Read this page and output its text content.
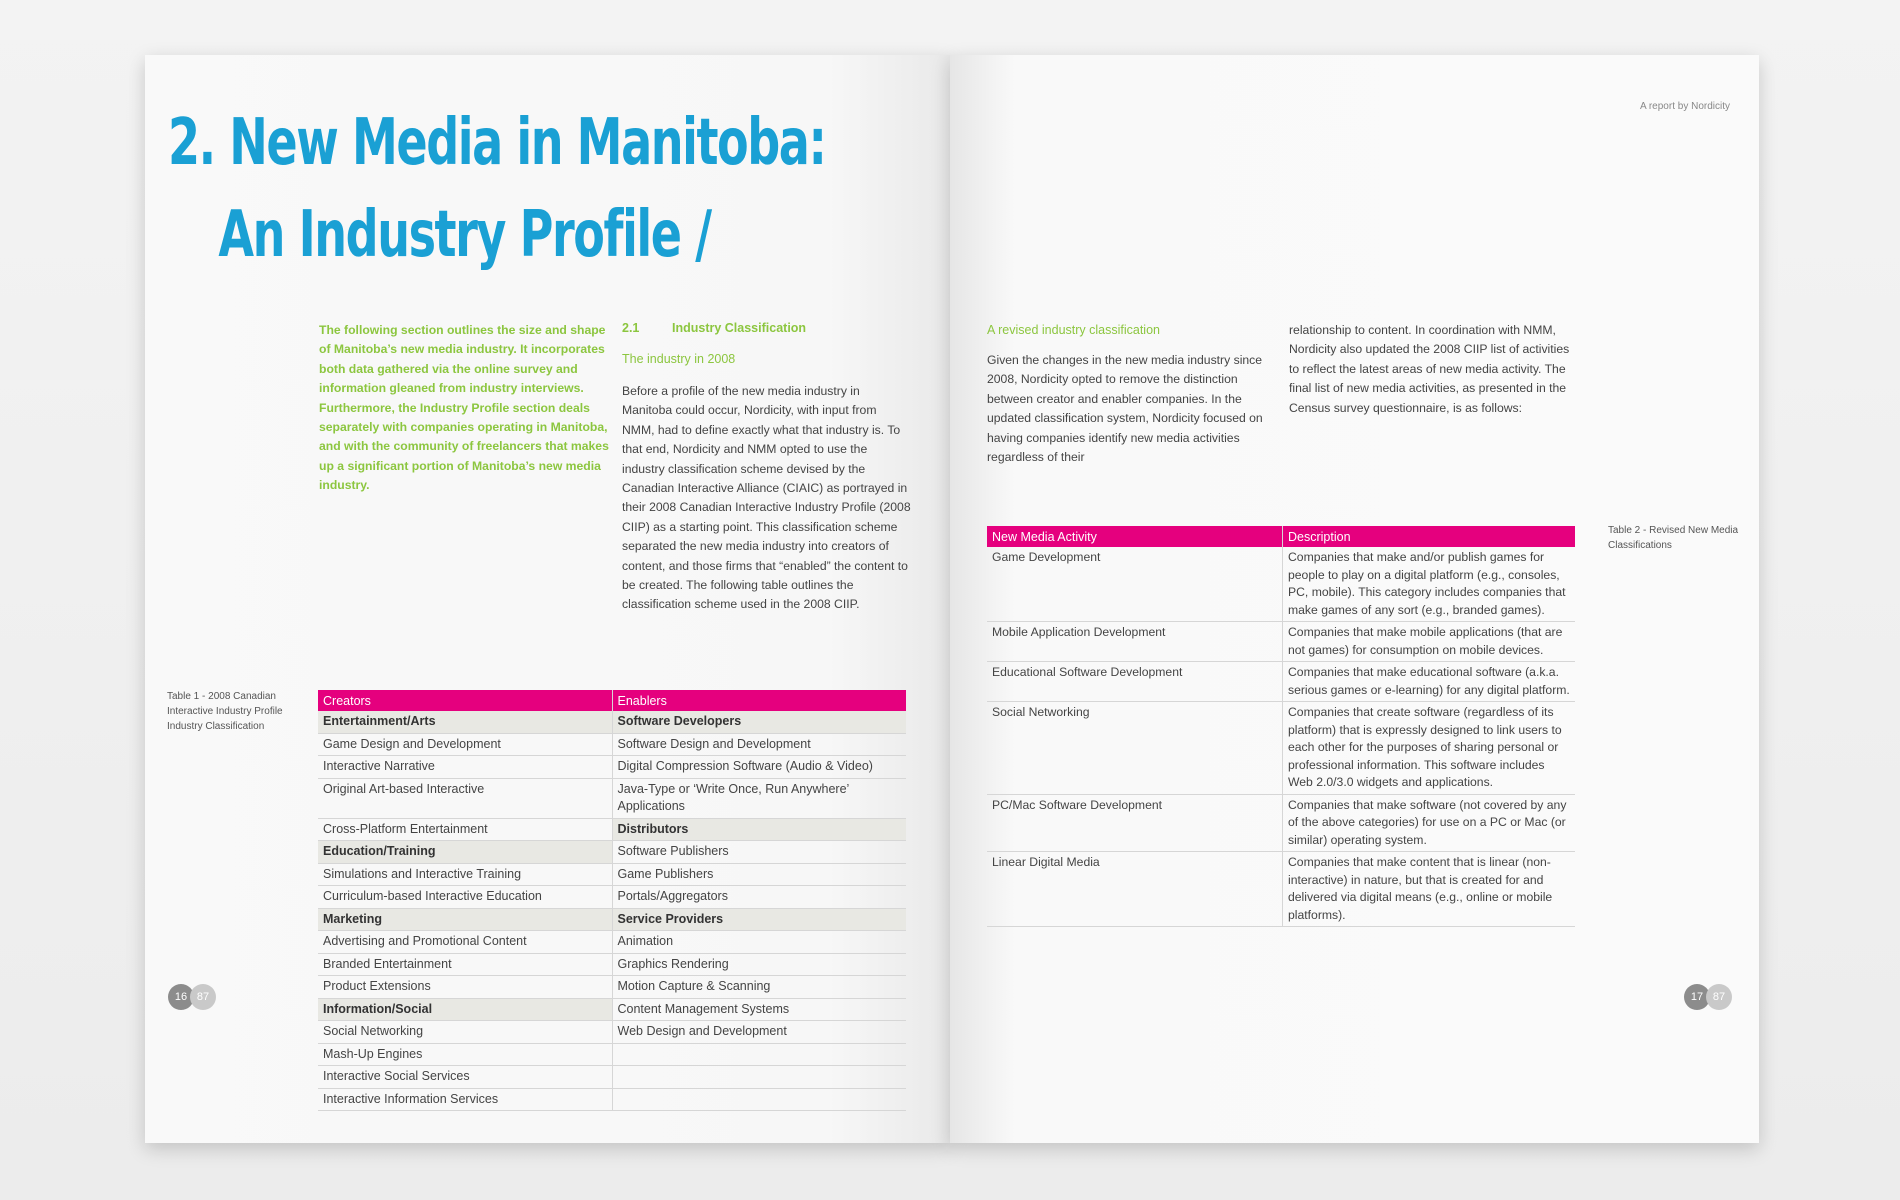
2. New Media in Manitoba:
An Industry Profile /
The following section outlines the size and shape of Manitoba’s new media industry. It incorporates both data gathered via the online survey and information gleaned from industry interviews. Furthermore, the Industry Profile section deals separately with companies operating in Manitoba, and with the community of freelancers that makes up a significant portion of Manitoba’s new media industry.
2.1	Industry Classification
The industry in 2008
Before a profile of the new media industry in Manitoba could occur, Nordicity, with input from NMM, had to define exactly what that industry is. To that end, Nordicity and NMM opted to use the industry classification scheme devised by the Canadian Interactive Alliance (CIAIC) as portrayed in their 2008 Canadian Interactive Industry Profile (2008 CIIP) as a starting point. This classification scheme separated the new media industry into creators of content, and those firms that “enabled” the content to be created. The following table outlines the classification scheme used in the 2008 CIIP.
Table 1 - 2008 Canadian Interactive Industry Profile Industry Classification
Creators	Enablers
Entertainment/Arts	Software Developers
Game Design and Development	Software Design and Development
Interactive Narrative	Digital Compression Software (Audio & Video)
Original Art-based Interactive	Java-Type or ‘Write Once, Run Anywhere’ Applications
Cross-Platform Entertainment	Distributors
Education/Training	Software Publishers
Simulations and Interactive Training	Game Publishers
Curriculum-based Interactive Education	Portals/Aggregators
Marketing	Service Providers
Advertising and Promotional Content	Animation
Branded Entertainment	Graphics Rendering
Product Extensions	Motion Capture & Scanning
Information/Social	Content Management Systems
Social Networking	Web Design and Development
Mash-Up Engines	
Interactive Social Services	
Interactive Information Services	
16 87
A report by Nordicity
A revised industry classification
Given the changes in the new media industry since 2008, Nordicity opted to remove the distinction between creator and enabler companies. In the updated classification system, Nordicity focused on having companies identify new media activities regardless of their
relationship to content. In coordination with NMM, Nordicity also updated the 2008 CIIP list of activities to reflect the latest areas of new media activity. The final list of new media activities, as presented in the Census survey questionnaire, is as follows:
Table 2 - Revised New Media Classifications
New Media Activity	Description
Game Development	Companies that make and/or publish games for people to play on a digital platform (e.g., consoles, PC, mobile). This category includes companies that make games of any sort (e.g., branded games).
Mobile Application Development	Companies that make mobile applications (that are not games) for consumption on mobile devices.
Educational Software Development	Companies that make educational software (a.k.a. serious games or e-learning) for any digital platform.
Social Networking	Companies that create software (regardless of its platform) that is expressly designed to link users to each other for the purposes of sharing personal or professional information. This software includes Web 2.0/3.0 widgets and applications.
PC/Mac Software Development	Companies that make software (not covered by any of the above categories) for use on a PC or Mac (or similar) operating system.
Linear Digital Media	Companies that make content that is linear (non-interactive) in nature, but that is created for and delivered via digital means (e.g., online or mobile platforms).
17 87
